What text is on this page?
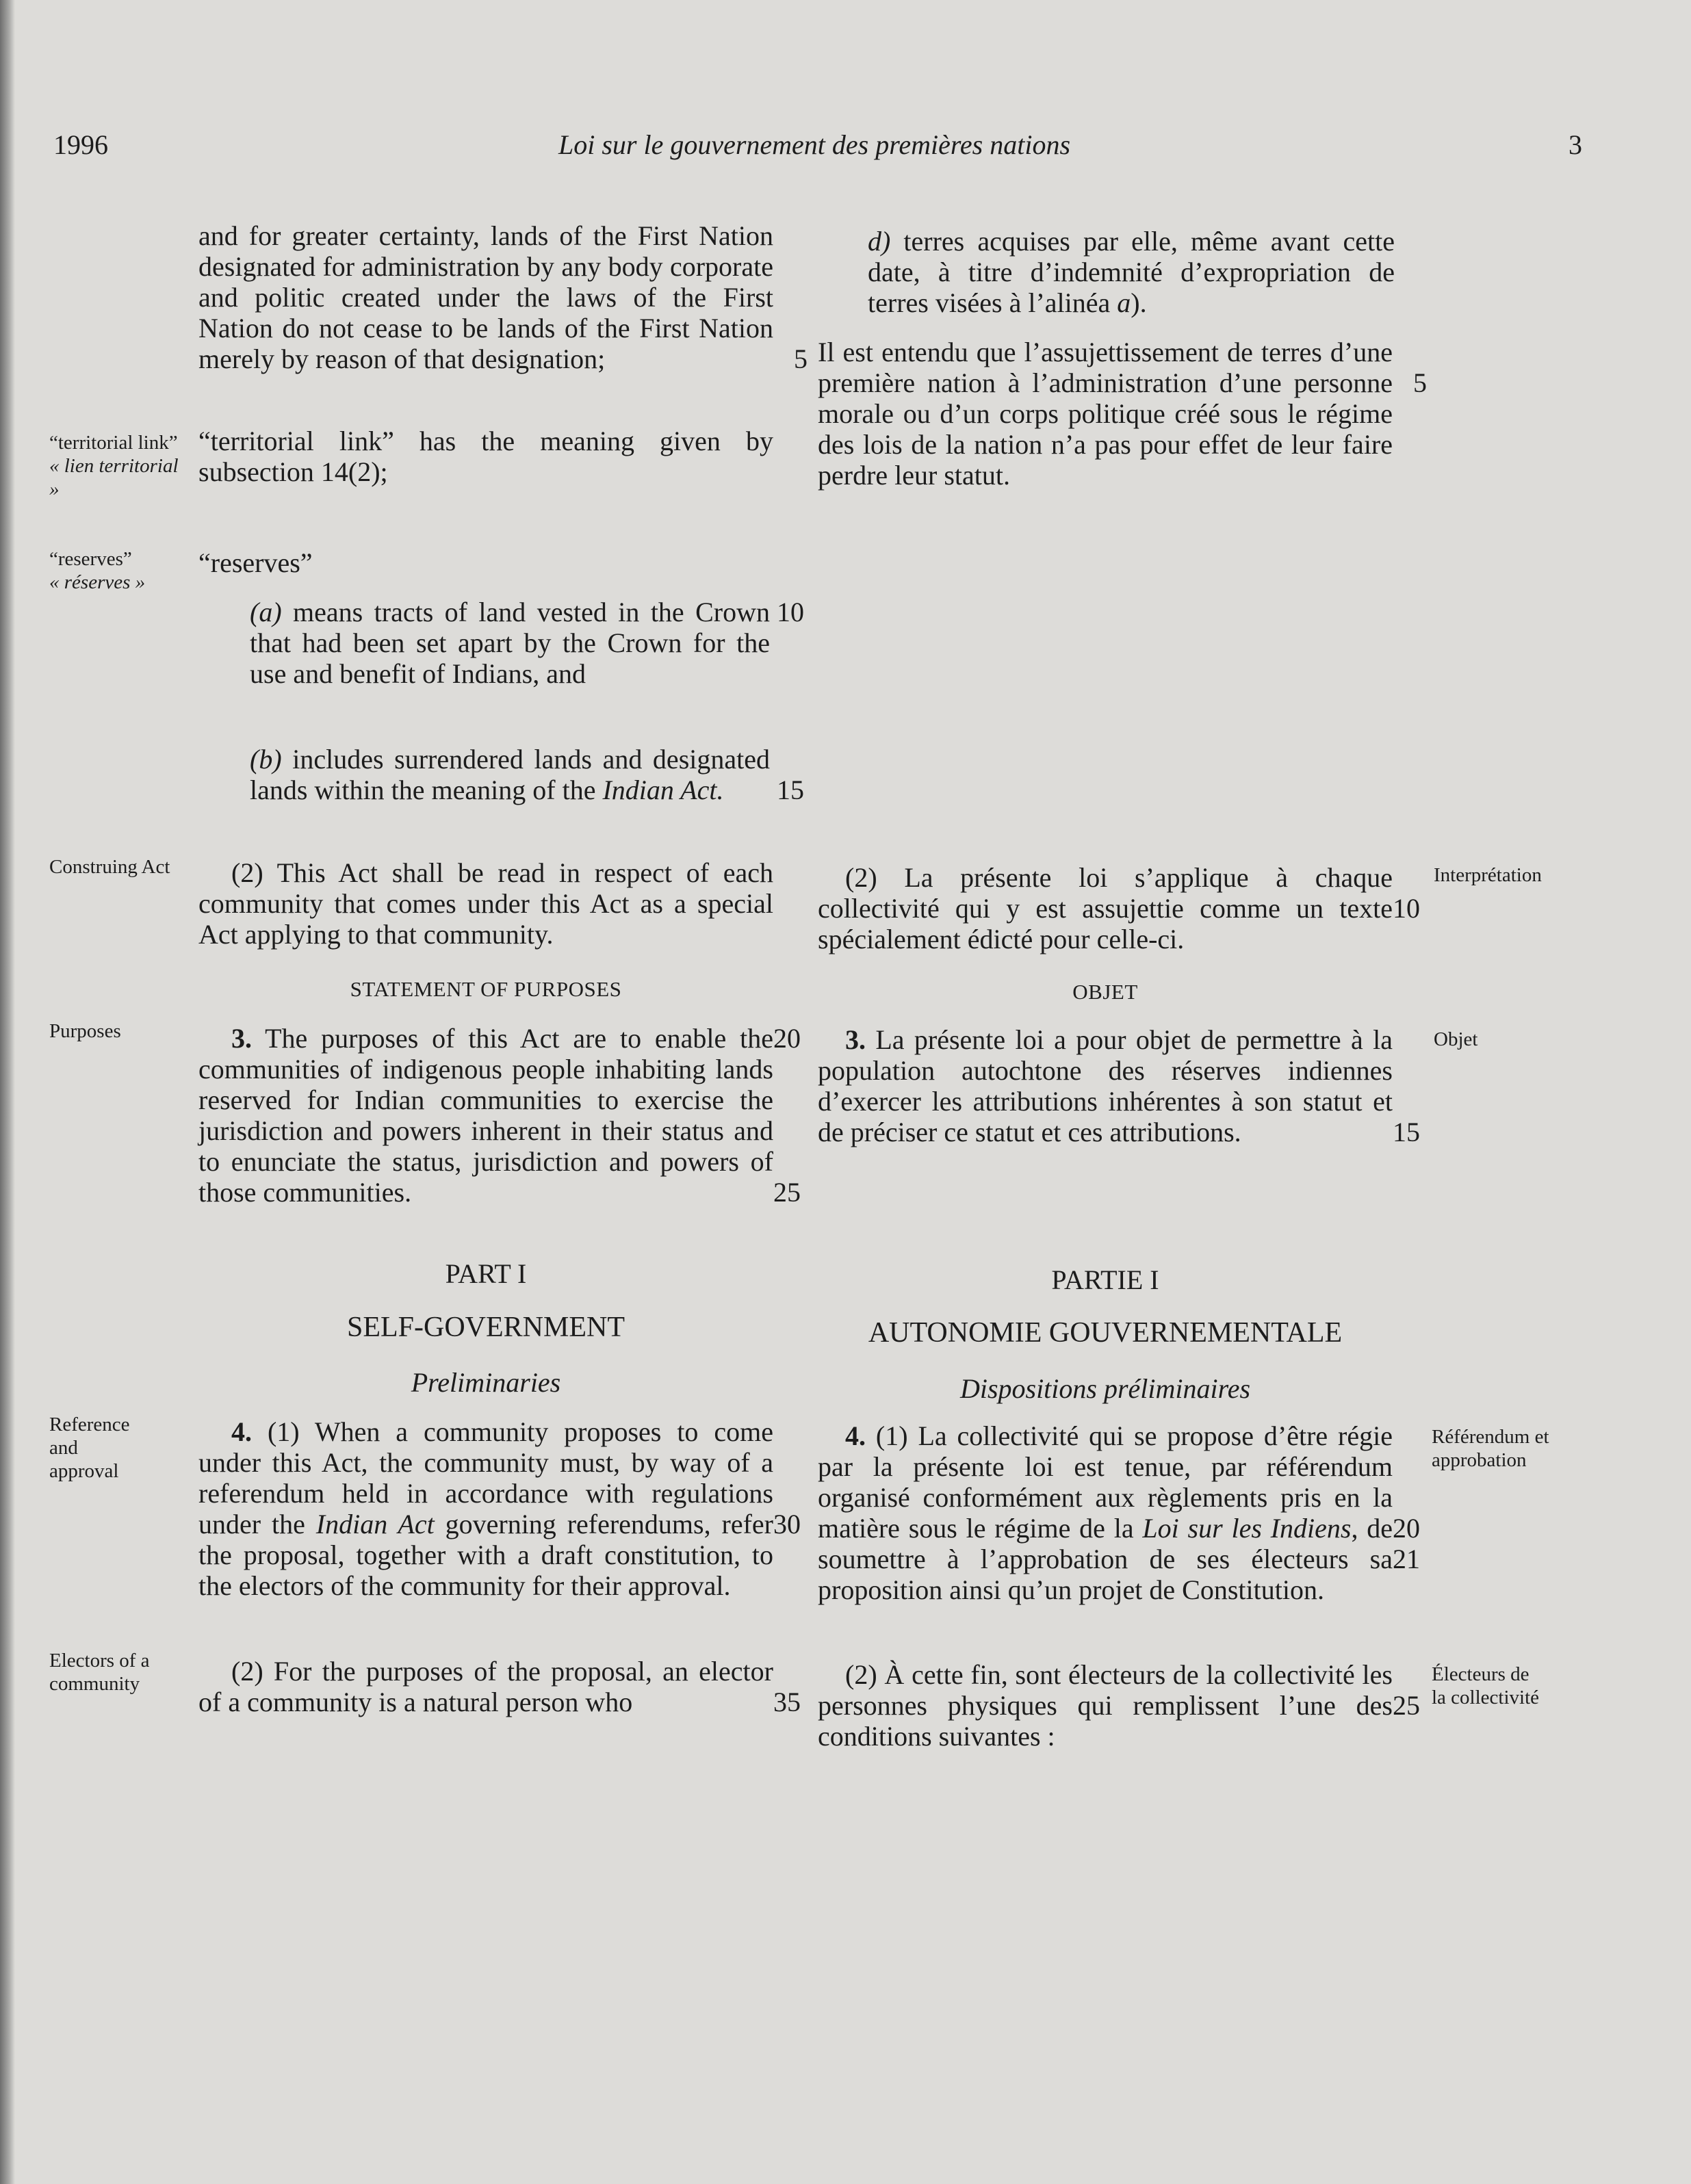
1996	Loi sur le gouvernement des premières nations	3
“territorial link”
« lien territorial »
“reserves”
« réserves »
Construing Act
Purposes
Reference and approval
Electors of a community
Interprétation
Objet
Référendum et approbation
Électeurs de la collectivité
and for greater certainty, lands of the First Nation designated for administration by any body corporate and politic created under the laws of the First Nation do not cease to be lands of the First Nation merely by reason of that designation;	5
“territorial link” has the meaning given by subsection 14(2);
“reserves”
(a) means tracts of land vested in the Crown that had been set apart by the Crown for the use and benefit of Indians, and
10
(b) includes surrendered lands and designated lands within the meaning of the Indian Act.	15
(2) This Act shall be read in respect of each community that comes under this Act as a special Act applying to that community.
STATEMENT OF PURPOSES
3. The purposes of this Act are to enable the communities of indigenous people inhabiting lands reserved for Indian communities to exercise the jurisdiction and powers inherent in their status and to enunciate the status, jurisdiction and powers of those communities.
20
25
PART I
SELF-GOVERNMENT
Preliminaries
4. (1) When a community proposes to come under this Act, the community must, by way of a referendum held in accordance with regulations under the Indian Act governing referendums, refer the proposal, together with a draft constitution, to the electors of the community for their approval.
30
(2) For the purposes of the proposal, an elector of a community is a natural person who	35
d) terres acquises par elle, même avant cette date, à titre d’indemnité d’expropriation de terres visées à l’alinéa a).
Il est entendu que l’assujettissement de terres d’une première nation à l’administration d’une personne morale ou d’un corps politique créé sous le régime des lois de la nation n’a pas pour effet de leur faire perdre leur statut.
5
(2) La présente loi s’applique à chaque collectivité qui y est assujettie comme un texte spécialement édicté pour celle-ci.
10
OBJET
3. La présente loi a pour objet de permettre à la population autochtone des réserves indiennes d’exercer les attributions inhérentes à son statut et de préciser ce statut et ces attributions.	15
PARTIE I
AUTONOMIE GOUVERNEMENTALE
Dispositions préliminaires
4. (1) La collectivité qui se propose d’être régie par la présente loi est tenue, par référendum organisé conformément aux règlements pris en la matière sous le régime de la Loi sur les Indiens, de soumettre à l’approbation de ses électeurs sa proposition ainsi qu’un projet de Constitution.
20
21
(2) À cette fin, sont électeurs de la collectivité les personnes physiques qui remplissent l’une des conditions suivantes :
25
